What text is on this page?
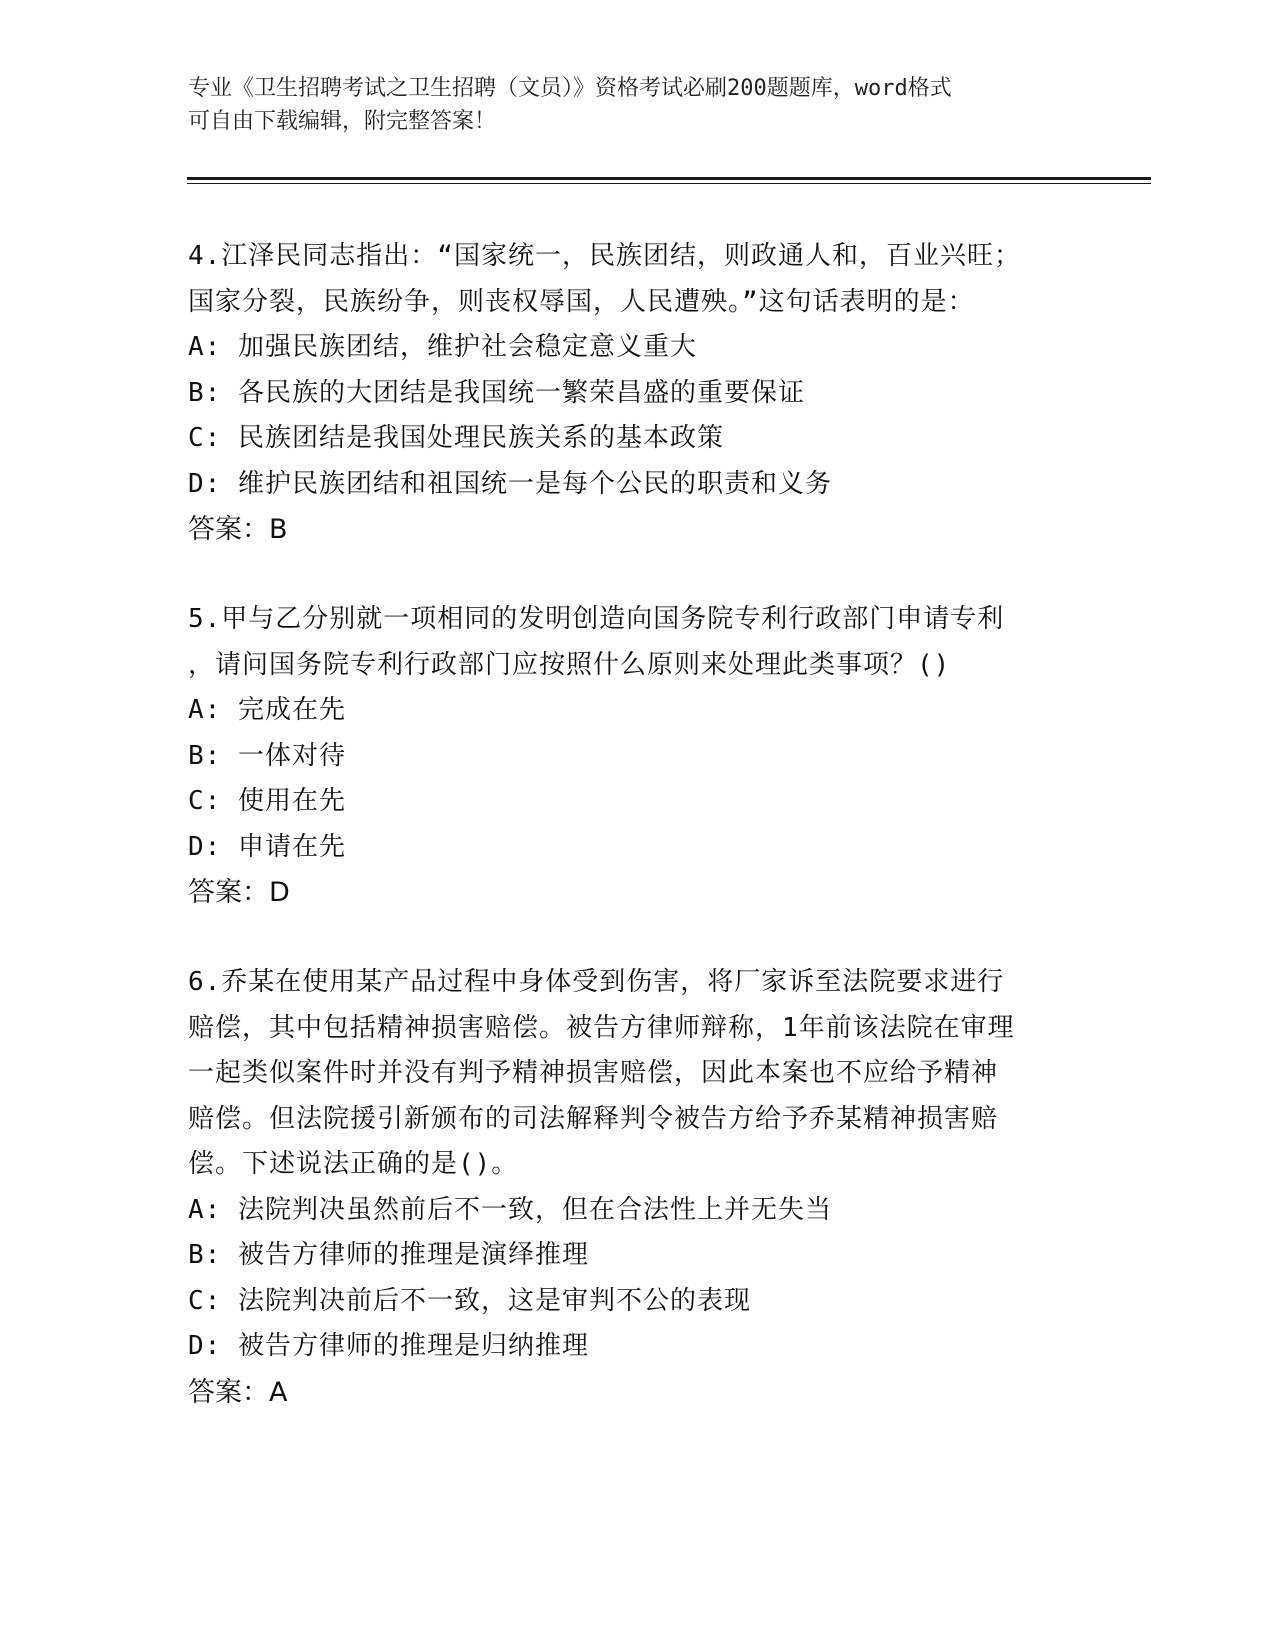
专业《卫生招聘考试之卫生招聘（文员）》资格考试必刷200题题库，word格式
可自由下载编辑，附完整答案！
4.江泽民同志指出：“国家统一，民族团结，则政通人和，百业兴旺；
国家分裂，民族纷争，则丧权辱国，人民遭殃。”这句话表明的是：
A: 加强民族团结，维护社会稳定意义重大
B: 各民族的大团结是我国统一繁荣昌盛的重要保证
C: 民族团结是我国处理民族关系的基本政策
D: 维护民族团结和祖国统一是每个公民的职责和义务
答案：B
5.甲与乙分别就一项相同的发明创造向国务院专利行政部门申请专利
，请问国务院专利行政部门应按照什么原则来处理此类事项？()
A: 完成在先
B: 一体对待
C: 使用在先
D: 申请在先
答案：D
6.乔某在使用某产品过程中身体受到伤害，将厂家诉至法院要求进行
赔偿，其中包括精神损害赔偿。被告方律师辩称，1年前该法院在审理
一起类似案件时并没有判予精神损害赔偿，因此本案也不应给予精神
赔偿。但法院援引新颁布的司法解释判令被告方给予乔某精神损害赔
偿。下述说法正确的是()。
A: 法院判决虽然前后不一致，但在合法性上并无失当
B: 被告方律师的推理是演绎推理
C: 法院判决前后不一致，这是审判不公的表现
D: 被告方律师的推理是归纳推理
答案：A
